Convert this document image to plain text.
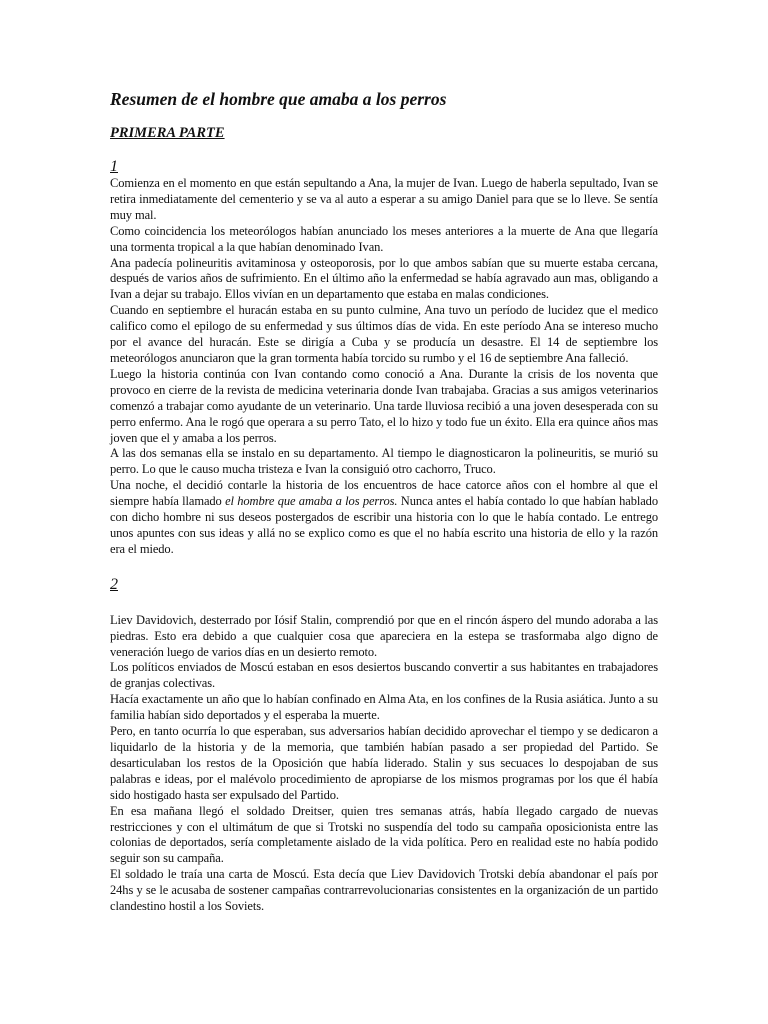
Resumen de el hombre que amaba a los perros
PRIMERA PARTE
1

Comienza en el momento en que están sepultando a Ana, la mujer de Ivan. Luego de haberla sepultado, Ivan se retira inmediatamente del cementerio y se va al auto a esperar a su amigo Daniel para que se lo lleve. Se sentía muy mal.

Como coincidencia los meteorólogos habían anunciado los meses anteriores a la muerte de Ana que llegaría una tormenta tropical a la que habían denominado Ivan.

Ana padecía polineuritis avitaminosa y osteoporosis, por lo que ambos sabían que su muerte estaba cercana, después de varios años de sufrimiento. En el último año la enfermedad se había agravado aun mas, obligando a Ivan a dejar su trabajo. Ellos vivían en un departamento que estaba en malas condiciones.

Cuando en septiembre el huracán estaba en su punto culmine, Ana tuvo un período de lucidez que el medico califico como el epilogo de su enfermedad y sus últimos días de vida. En este período Ana se intereso mucho por el avance del huracán. Este se dirigía a Cuba y se producía un desastre. El 14 de septiembre los meteorólogos anunciaron que la gran tormenta había torcido su rumbo y el 16 de septiembre Ana falleció.

Luego la historia continúa con Ivan contando como conoció a Ana. Durante la crisis de los noventa que provoco en cierre de la revista de medicina veterinaria donde Ivan trabajaba. Gracias a sus amigos veterinarios comenzó a trabajar como ayudante de un veterinario. Una tarde lluviosa recibió a una joven desesperada con su perro enfermo. Ana le rogó que operara a su perro Tato, el lo hizo y todo fue un éxito. Ella era quince años mas joven que el y amaba a los perros.

A las dos semanas ella se instalo en su departamento. Al tiempo le diagnosticaron la polineuritis, se murió su perro. Lo que le causo mucha tristeza e Ivan la consiguió otro cachorro, Truco.

Una noche, el decidió contarle la historia de los encuentros de hace catorce años con el hombre al que el siempre había llamado el hombre que amaba a los perros. Nunca antes el había contado lo que habían hablado con dicho hombre ni sus deseos postergados de escribir una historia con lo que le había contado. Le entrego unos apuntes con sus ideas y allá no se explico como es que el no había escrito una historia de ello y la razón era el miedo.

2

Liev Davidovich, desterrado por Iósif Stalin, comprendió por que en el rincón áspero del mundo adoraba a las piedras. Esto era debido a que cualquier cosa que apareciera en la estepa se trasformaba algo digno de veneración luego de varios días en un desierto remoto.

Los políticos enviados de Moscú estaban en esos desiertos buscando convertir a sus habitantes en trabajadores de granjas colectivas.

Hacía exactamente un año que lo habían confinado en Alma Ata, en los confines de la Rusia asiática. Junto a su familia habían sido deportados y el esperaba la muerte.

Pero, en tanto ocurría lo que esperaban, sus adversarios habían decidido aprovechar el tiempo y se dedicaron a liquidarlo de la historia y de la memoria, que también habían pasado a ser propiedad del Partido. Se desarticulaban los restos de la Oposición que había liderado. Stalin y sus secuaces lo despojaban de sus palabras e ideas, por el malévolo procedimiento de apropiarse de los mismos programas por los que él había sido hostigado hasta ser expulsado del Partido.

En esa mañana llegó el soldado Dreitser, quien tres semanas atrás, había llegado cargado de nuevas restricciones y con el ultimátum de que si Trotski no suspendía del todo su campaña oposicionista entre las colonias de deportados, sería completamente aislado de la vida política. Pero en realidad este no había podido seguir son su campaña.

El soldado le traía una carta de Moscú. Esta decía que Liev Davidovich Trotski debía abandonar el país por 24hs y se le acusaba de sostener campañas contrarrevolucionarias consistentes en la organización de un partido clandestino hostil a los Soviets.
